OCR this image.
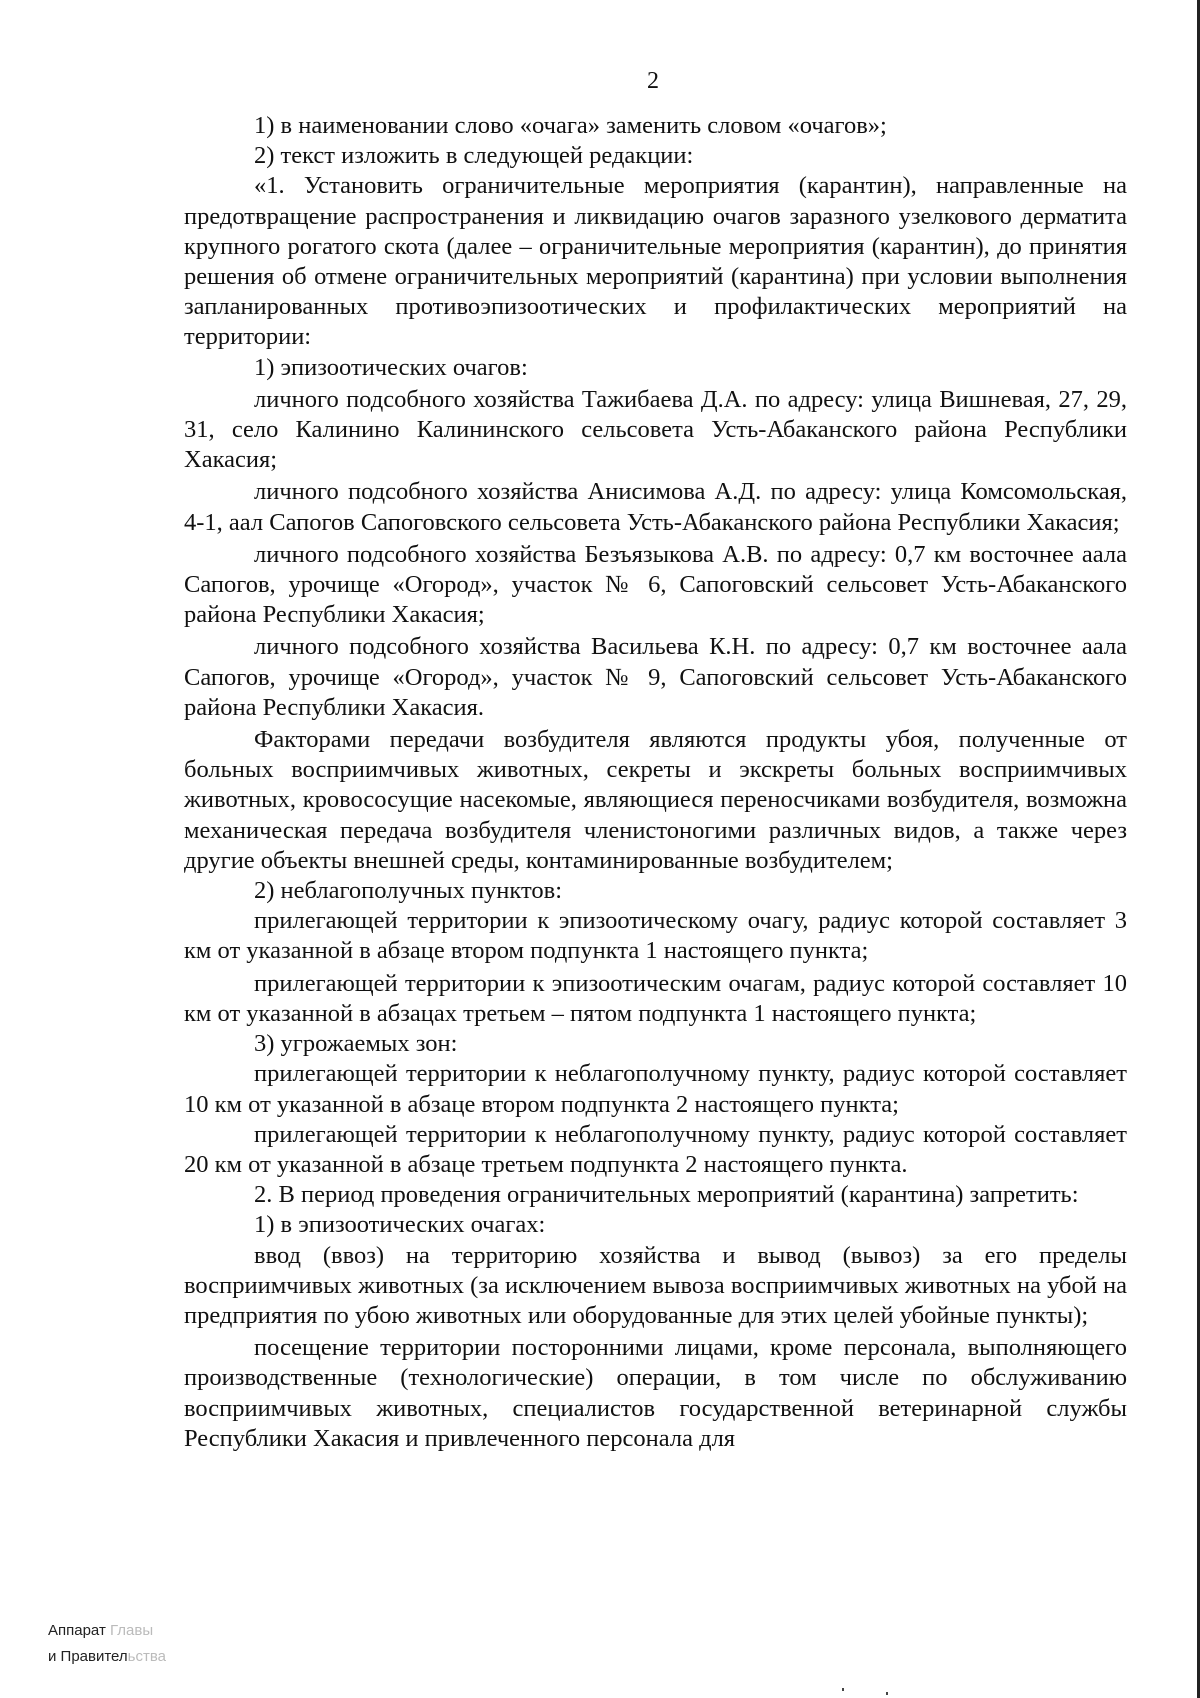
2

1) в наименовании слово «очага» заменить словом «очагов»;

2) текст изложить в следующей редакции:

«1. Установить ограничительные мероприятия (карантин), направленные на предотвращение распространения и ликвидацию очагов заразного узелкового дерматита крупного рогатого скота (далее – ограничительные мероприятия (карантин), до принятия решения об отмене ограничительных мероприятий (карантина) при условии выполнения запланированных противоэпизоотических и профилактических мероприятий на территории:

1) эпизоотических очагов:

личного подсобного хозяйства Тажибаева Д.А. по адресу: улица Вишневая, 27, 29, 31, село Калинино Калининского сельсовета Усть-Абаканского района Республики Хакасия;

личного подсобного хозяйства Анисимова А.Д. по адресу: улица Комсомольская, 4-1, аал Сапогов Сапоговского сельсовета Усть-Абаканского района Республики Хакасия;

личного подсобного хозяйства Безъязыкова А.В. по адресу: 0,7 км восточнее аала Сапогов, урочище «Огород», участок № 6, Сапоговский сельсовет Усть-Абаканского района Республики Хакасия;

личного подсобного хозяйства Васильева К.Н. по адресу: 0,7 км восточнее аала Сапогов, урочище «Огород», участок № 9, Сапоговский сельсовет Усть-Абаканского района Республики Хакасия.

Факторами передачи возбудителя являются продукты убоя, полученные от больных восприимчивых животных, секреты и экскреты больных восприимчивых животных, кровососущие насекомые, являющиеся переносчиками возбудителя, возможна механическая передача возбудителя членистоногими различных видов, а также через другие объекты внешней среды, контаминированные возбудителем;

2) неблагополучных пунктов:

прилегающей территории к эпизоотическому очагу, радиус которой составляет 3 км от указанной в абзаце втором подпункта 1 настоящего пункта;

прилегающей территории к эпизоотическим очагам, радиус которой составляет 10 км от указанной в абзацах третьем – пятом подпункта 1 настоящего пункта;

3) угрожаемых зон:

прилегающей территории к неблагополучному пункту, радиус которой составляет 10 км от указанной в абзаце втором подпункта 2 настоящего пункта;

прилегающей территории к неблагополучному пункту, радиус которой составляет 20 км от указанной в абзаце третьем подпункта 2 настоящего пункта.

2. В период проведения ограничительных мероприятий (карантина) запретить:

1) в эпизоотических очагах:

ввод (ввоз) на территорию хозяйства и вывод (вывоз) за его пределы восприимчивых животных (за исключением вывоза восприимчивых животных на убой на предприятия по убою животных или оборудованные для этих целей убойные пункты);

посещение территории посторонними лицами, кроме персонала, выполняющего производственные (технологические) операции, в том числе по обслуживанию восприимчивых животных, специалистов государственной ветеринарной службы Республики Хакасия и привлеченного персонала для

Аппарат Главы
и Правительства
